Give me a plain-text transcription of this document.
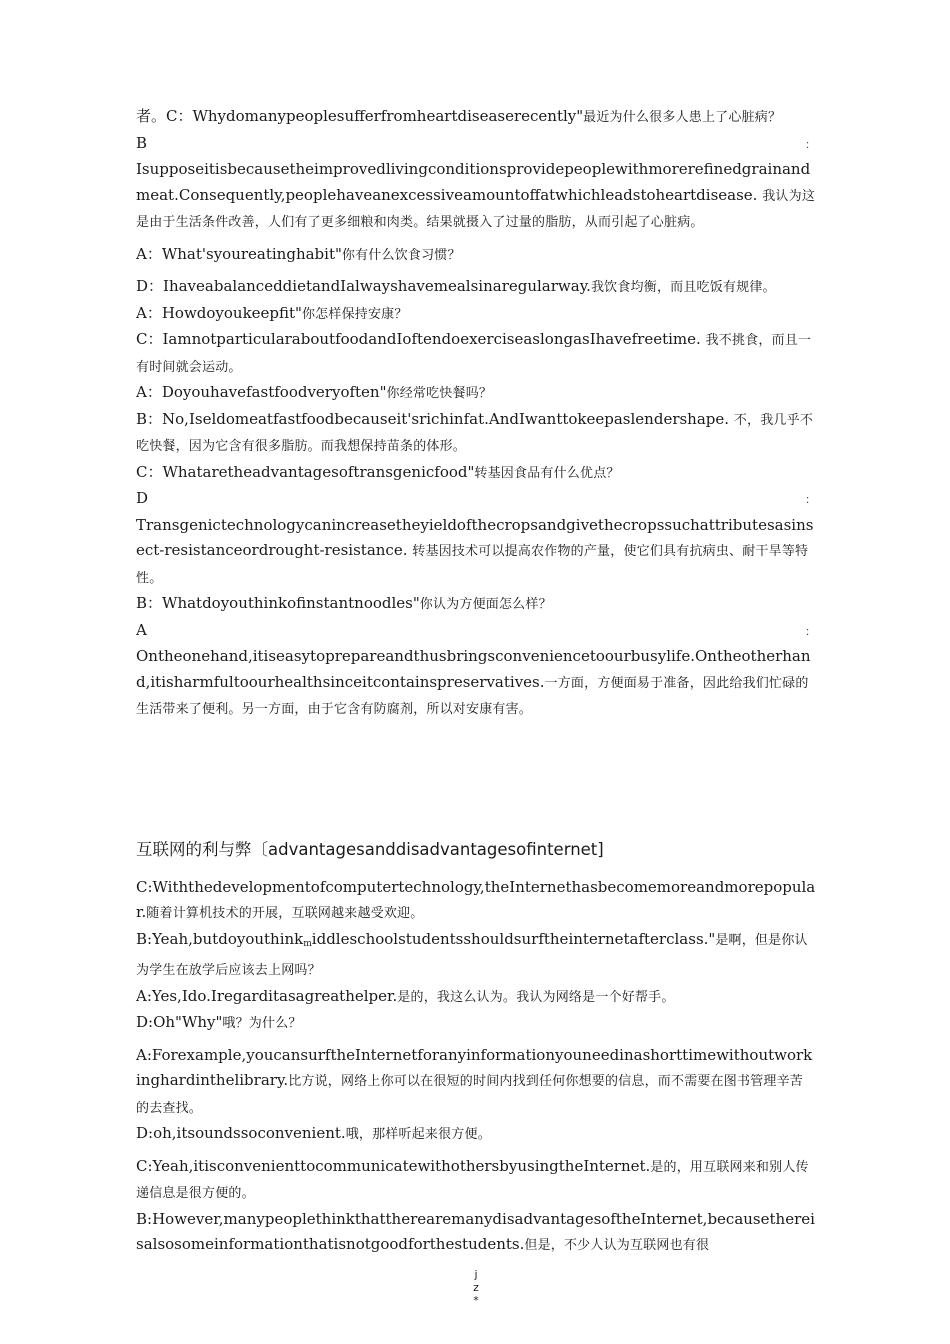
者。C：Whydomanypeoplesufferfromheartdiseaserecently"最近为什么很多人患上了心脏病？

B	：

Isupposeitisbecausetheimprovedlivingconditionsprovidepeoplewithmorerefinedgrainandmeat.Consequently,peoplehaveanexcessiveamountoffatwhichleadstoheartdisease. 我认为这是由于生活条件改善，人们有了更多细粮和肉类。结果就摄入了过量的脂肪，从而引起了心脏病。

A：What'syoureatinghabit"你有什么饮食习惯？

D：IhaveabalanceddietandIalwayshavemealsinaregularway.我饮食均衡，而且吃饭有规律。

A：Howdoyoukeepfit"你怎样保持安康？

C：IamnotparticularaboutfoodandIoftendoexerciseaslongasIhavefreetime. 我不挑食，而且一有时间就会运动。

A：Doyouhavefastfoodveryoften"你经常吃快餐吗？

B：No,Iseldomeatfastfoodbecauseit'srichinfat.AndIwanttokeepaslendershape. 不，我几乎不吃快餐，因为它含有很多脂肪。而我想保持苗条的体形。

C：Whataretheadvantagesoftransgenicfood"转基因食品有什么优点？

D	：

Transgenictechnologycanincreasetheyieldofthecropsandgivethecropssuchattributesasinsect-resistanceordrought-resistance. 转基因技术可以提高农作物的产量，使它们具有抗病虫、耐干旱等特性。

B：Whatdoyouthinkofinstantnoodles"你认为方便面怎么样？

A	：

Ontheonehand,itiseasytoprepareandthusbringsconveniencetoourbusylife.Ontheotherhand,itisharmfultoourhealthsinceitcontainspreservatives.一方面，方便面易于准备，因此给我们忙碌的生活带来了便利。另一方面，由于它含有防腐剂，所以对安康有害。

互联网的利与弊〔advantagesanddisadvantagesofinternet]

C:Withthedevelopmentofcomputertechnology,theInternethasbecomemoreandmorepopular.随着计算机技术的开展，互联网越来越受欢迎。

B:Yeah,butdoyouthink$_m$iddleschoolstudentsshouldsurftheinternetafterclass."是啊，但是你认为学生在放学后应该去上网吗？

A:Yes,Ido.Iregarditasagreathelper.是的，我这么认为。我认为网络是一个好帮手。

D:Oh"Why"哦？为什么？

A:Forexample,youcansurftheInternetforanyinformationyouneedinashorttimewithoutworkinghardinthelibrary.比方说，网络上你可以在很短的时间内找到任何你想要的信息，而不需要在图书管理辛苦的去查找。

D:oh,itsoundssoconvenient.哦，那样听起来很方便。

C:Yeah,itisconvenienttocommunicatewithothersbyusingtheInternet.是的，用互联网来和别人传递信息是很方便的。

B:However,manypeoplethinkthattherearemanydisadvantagesoftheInternet,becausethereisalsosomeinformationthatisnotgoodforthestudents.但是，不少人认为互联网也有很

j
z
*
